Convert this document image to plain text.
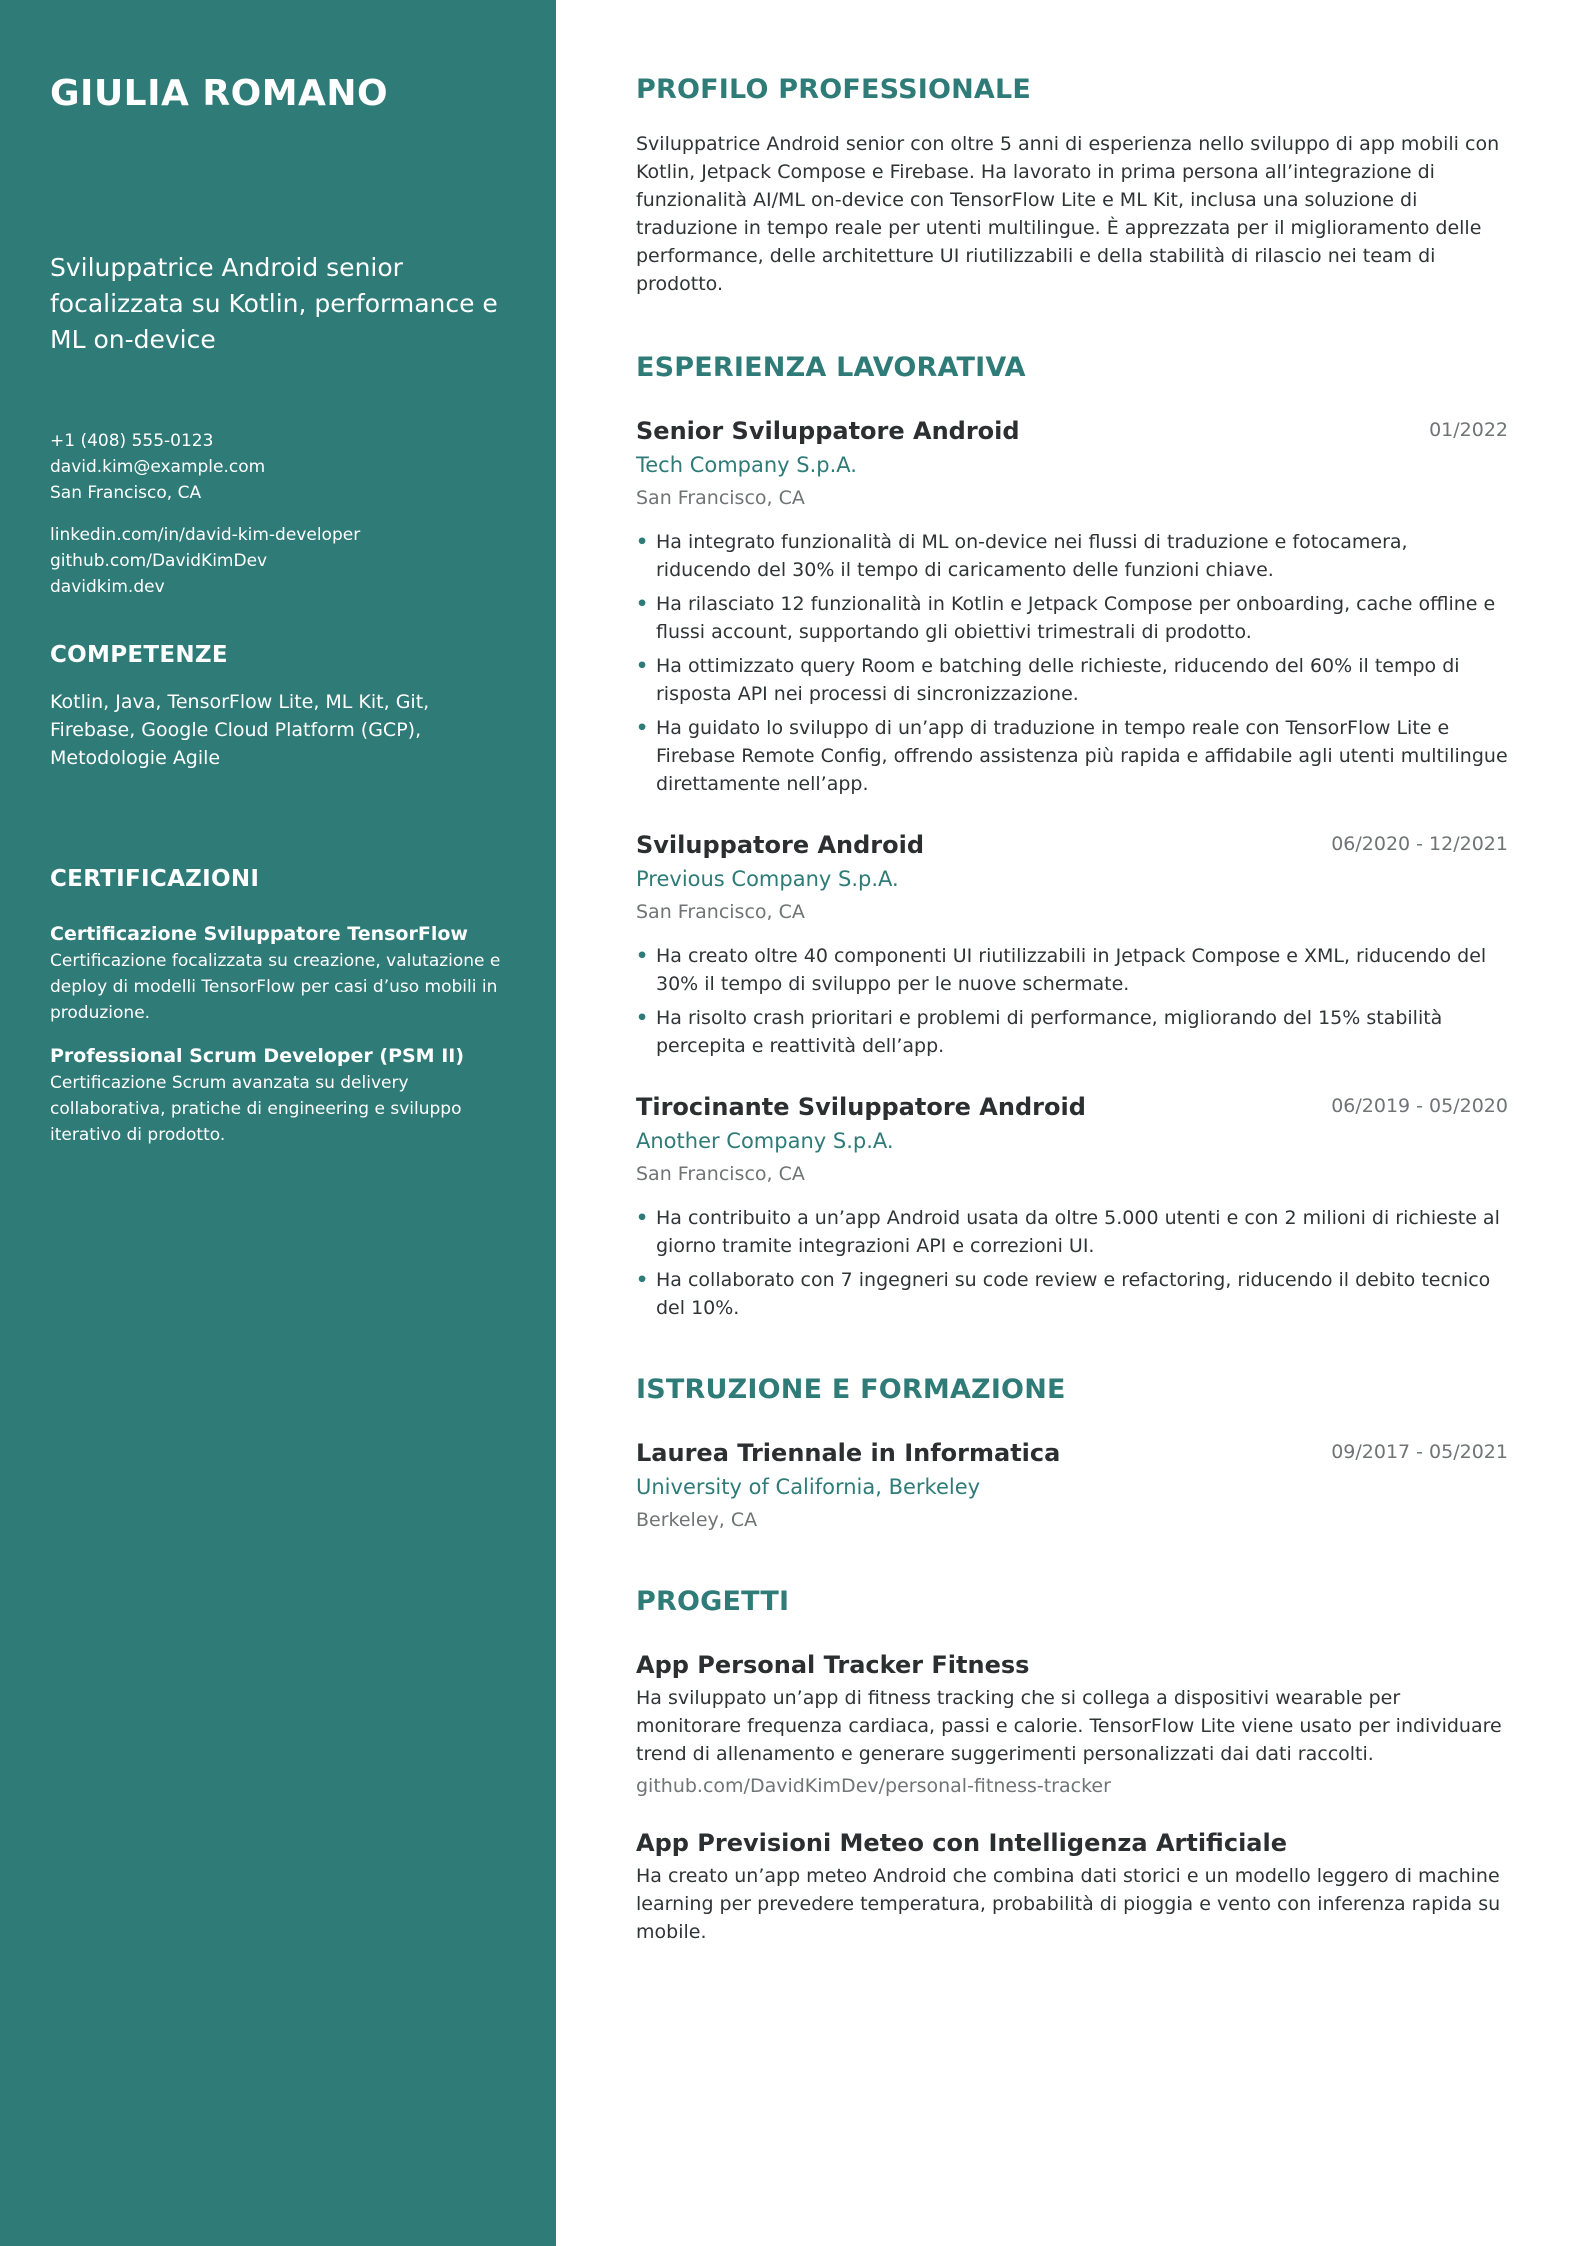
GIULIA ROMANO
Sviluppatrice Android senior focalizzata su Kotlin, performance e ML on-device
+1 (408) 555-0123
david.kim@example.com
San Francisco, CA
linkedin.com/in/david-kim-developer
github.com/DavidKimDev
davidkim.dev
COMPETENZE
Kotlin, Java, TensorFlow Lite, ML Kit, Git, Firebase, Google Cloud Platform (GCP), Metodologie Agile
CERTIFICAZIONI
Certificazione Sviluppatore TensorFlow
Certificazione focalizzata su creazione, valutazione e deploy di modelli TensorFlow per casi d’uso mobili in produzione.
Professional Scrum Developer (PSM II)
Certificazione Scrum avanzata su delivery collaborativa, pratiche di engineering e sviluppo iterativo di prodotto.
PROFILO PROFESSIONALE
Sviluppatrice Android senior con oltre 5 anni di esperienza nello sviluppo di app mobili con Kotlin, Jetpack Compose e Firebase. Ha lavorato in prima persona all’integrazione di funzionalità AI/ML on-device con TensorFlow Lite e ML Kit, inclusa una soluzione di traduzione in tempo reale per utenti multilingue. È apprezzata per il miglioramento delle performance, delle architetture UI riutilizzabili e della stabilità di rilascio nei team di prodotto.
ESPERIENZA LAVORATIVA
Senior Sviluppatore Android	01/2022
Tech Company S.p.A.
San Francisco, CA
• Ha integrato funzionalità di ML on-device nei flussi di traduzione e fotocamera, riducendo del 30% il tempo di caricamento delle funzioni chiave.
• Ha rilasciato 12 funzionalità in Kotlin e Jetpack Compose per onboarding, cache offline e flussi account, supportando gli obiettivi trimestrali di prodotto.
• Ha ottimizzato query Room e batching delle richieste, riducendo del 60% il tempo di risposta API nei processi di sincronizzazione.
• Ha guidato lo sviluppo di un’app di traduzione in tempo reale con TensorFlow Lite e Firebase Remote Config, offrendo assistenza più rapida e affidabile agli utenti multilingue direttamente nell’app.
Sviluppatore Android	06/2020 - 12/2021
Previous Company S.p.A.
San Francisco, CA
• Ha creato oltre 40 componenti UI riutilizzabili in Jetpack Compose e XML, riducendo del 30% il tempo di sviluppo per le nuove schermate.
• Ha risolto crash prioritari e problemi di performance, migliorando del 15% stabilità percepita e reattività dell’app.
Tirocinante Sviluppatore Android	06/2019 - 05/2020
Another Company S.p.A.
San Francisco, CA
• Ha contribuito a un’app Android usata da oltre 5.000 utenti e con 2 milioni di richieste al giorno tramite integrazioni API e correzioni UI.
• Ha collaborato con 7 ingegneri su code review e refactoring, riducendo il debito tecnico del 10%.
ISTRUZIONE E FORMAZIONE
Laurea Triennale in Informatica	09/2017 - 05/2021
University of California, Berkeley
Berkeley, CA
PROGETTI
App Personal Tracker Fitness
Ha sviluppato un’app di fitness tracking che si collega a dispositivi wearable per monitorare frequenza cardiaca, passi e calorie. TensorFlow Lite viene usato per individuare trend di allenamento e generare suggerimenti personalizzati dai dati raccolti.
github.com/DavidKimDev/personal-fitness-tracker
App Previsioni Meteo con Intelligenza Artificiale
Ha creato un’app meteo Android che combina dati storici e un modello leggero di machine learning per prevedere temperatura, probabilità di pioggia e vento con inferenza rapida su mobile.
